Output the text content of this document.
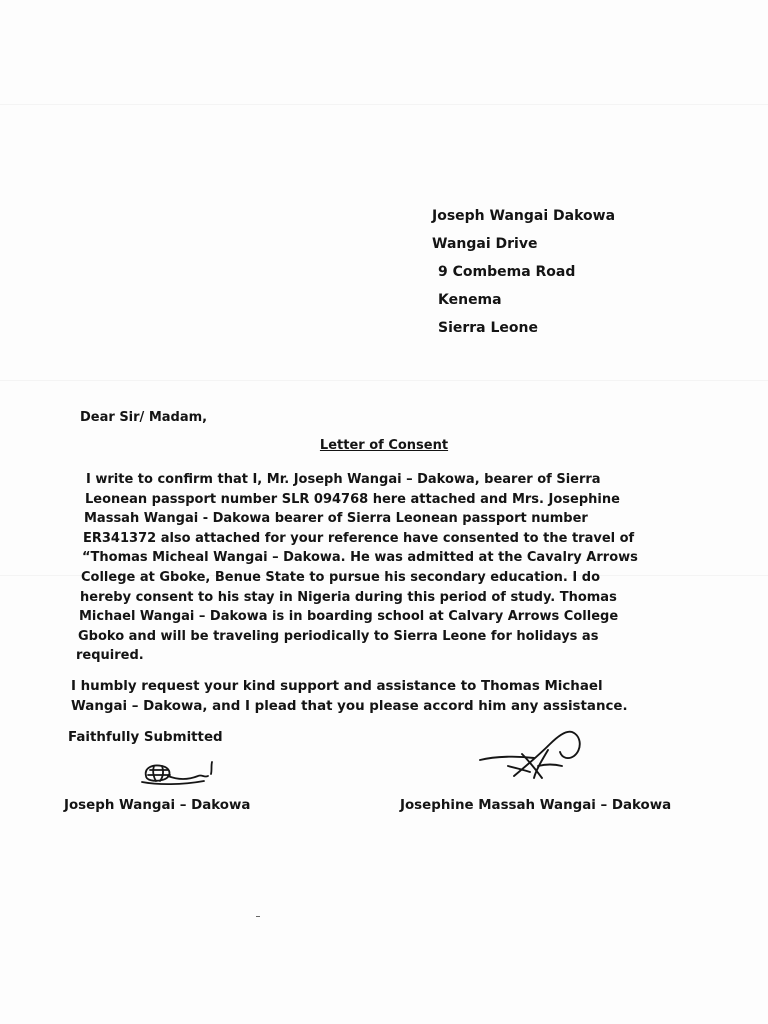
Joseph Wangai Dakowa
Wangai Drive
9 Combema Road
Kenema
Sierra Leone
Dear Sir/ Madam,
Letter of Consent
I write to confirm that I, Mr. Joseph Wangai – Dakowa, bearer of Sierra
Leonean passport number SLR 094768 here attached and Mrs. Josephine
Massah Wangai - Dakowa bearer of Sierra Leonean passport number
ER341372 also attached for your reference have consented to the travel of
“Thomas Micheal Wangai – Dakowa. He was admitted at the Cavalry Arrows
College at Gboke, Benue State to pursue his secondary education. I do
hereby consent to his stay in Nigeria during this period of study. Thomas
Michael Wangai – Dakowa is in boarding school at Calvary Arrows College
Gboko and will be traveling periodically to Sierra Leone for holidays as
required.
I humbly request your kind support and assistance to Thomas Michael
Wangai – Dakowa, and I plead that you please accord him any assistance.
Faithfully Submitted
Joseph Wangai – Dakowa	Josephine Massah Wangai – Dakowa
